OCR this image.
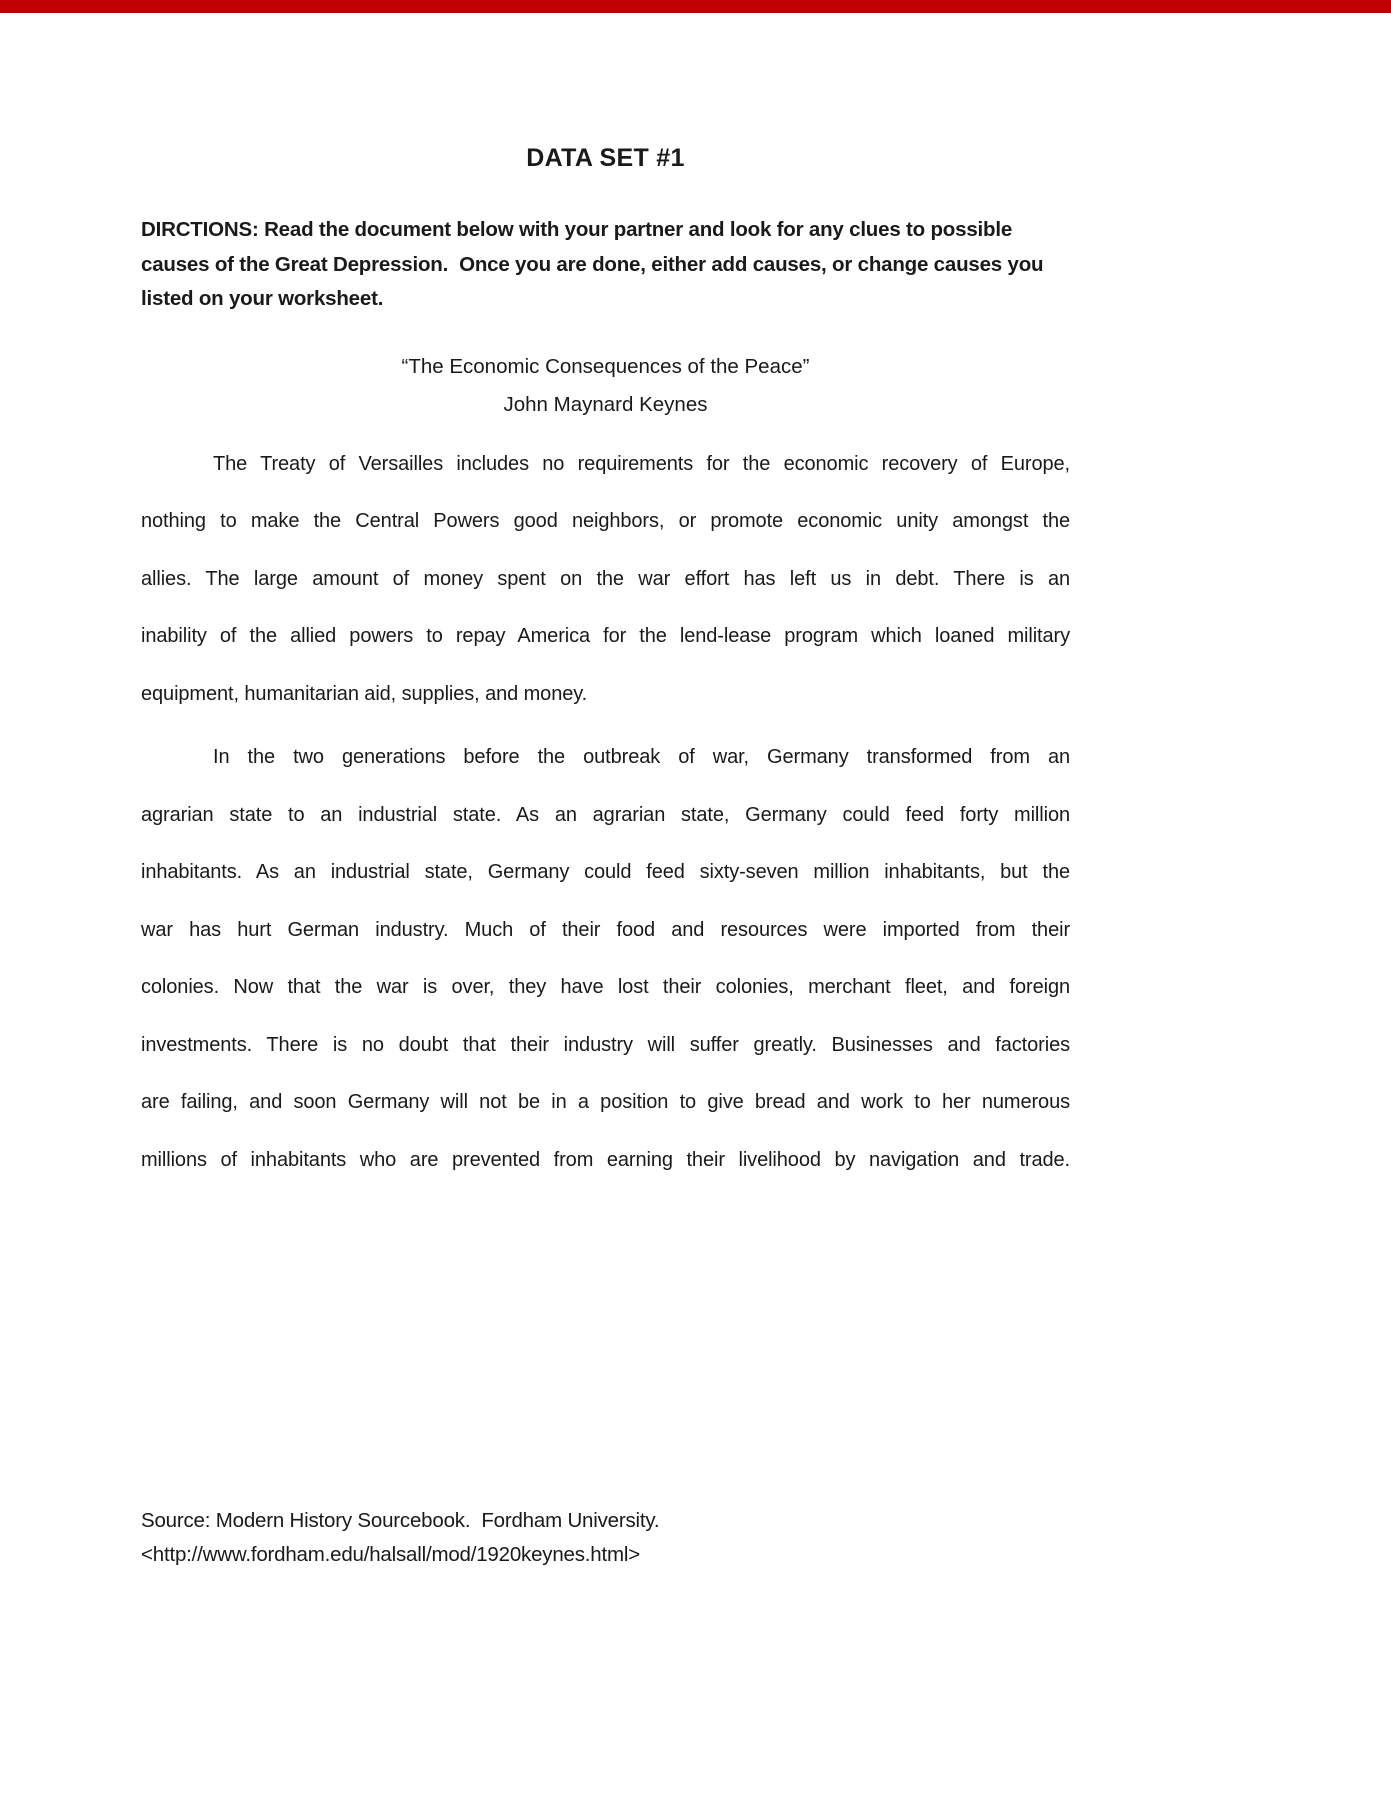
DATA SET #1
DIRCTIONS: Read the document below with your partner and look for any clues to possible
causes of the Great Depression.  Once you are done, either add causes, or change causes you
listed on your worksheet.
“The Economic Consequences of the Peace”
John Maynard Keynes
The Treaty of Versailles includes no requirements for the economic recovery of Europe,
nothing to make the Central Powers good neighbors, or promote economic unity amongst the
allies. The large amount of money spent on the war effort has left us in debt. There is an
inability of the allied powers to repay America for the lend-lease program which loaned military
equipment, humanitarian aid, supplies, and money.
In the two generations before the outbreak of war, Germany transformed from an
agrarian state to an industrial state. As an agrarian state, Germany could feed forty million
inhabitants. As an industrial state, Germany could feed sixty-seven million inhabitants, but the
war has hurt German industry. Much of their food and resources were imported from their
colonies. Now that the war is over, they have lost their colonies, merchant fleet, and foreign
investments. There is no doubt that their industry will suffer greatly. Businesses and factories
are failing, and soon Germany will not be in a position to give bread and work to her numerous
millions of inhabitants who are prevented from earning their livelihood by navigation and trade.
Source: Modern History Sourcebook.  Fordham University.
<http://www.fordham.edu/halsall/mod/1920keynes.html>
